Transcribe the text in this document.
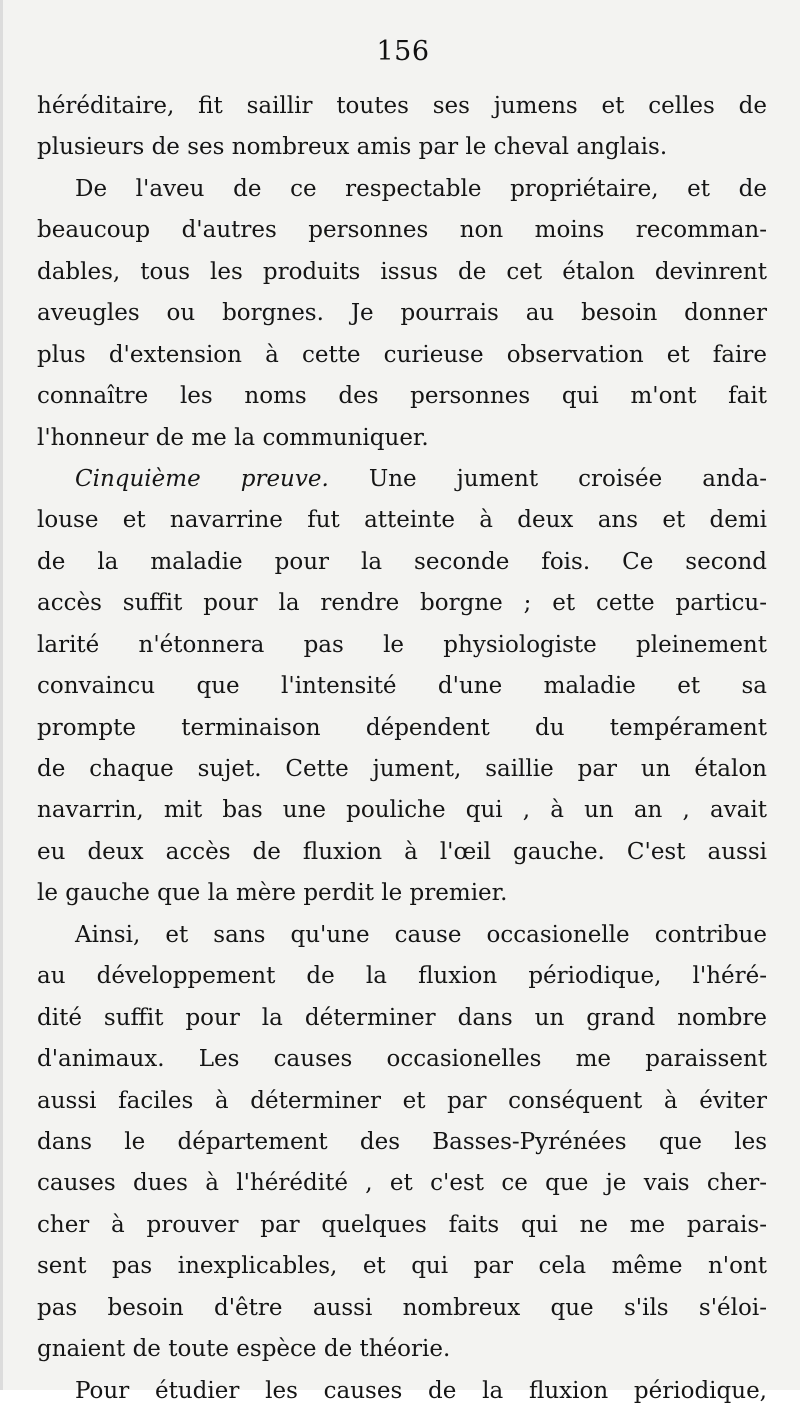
156
héréditaire, fit saillir toutes ses jumens et celles de
plusieurs de ses nombreux amis par le cheval anglais.
De l'aveu de ce respectable propriétaire, et de
beaucoup d'autres personnes non moins recomman-
dables, tous les produits issus de cet étalon devinrent
aveugles ou borgnes. Je pourrais au besoin donner
plus d'extension à cette curieuse observation et faire
connaître les noms des personnes qui m'ont fait
l'honneur de me la communiquer.
Cinquième preuve. Une jument croisée anda-
louse et navarrine fut atteinte à deux ans et demi
de la maladie pour la seconde fois. Ce second
accès suffit pour la rendre borgne ; et cette particu-
larité n'étonnera pas le physiologiste pleinement
convaincu que l'intensité d'une maladie et sa
prompte terminaison dépendent du tempérament
de chaque sujet. Cette jument, saillie par un étalon
navarrin, mit bas une pouliche qui , à un an , avait
eu deux accès de fluxion à l'œil gauche. C'est aussi
le gauche que la mère perdit le premier.
Ainsi, et sans qu'une cause occasionelle contribue
au développement de la fluxion périodique, l'héré-
dité suffit pour la déterminer dans un grand nombre
d'animaux. Les causes occasionelles me paraissent
aussi faciles à déterminer et par conséquent à éviter
dans le département des Basses-Pyrénées que les
causes dues à l'hérédité , et c'est ce que je vais cher-
cher à prouver par quelques faits qui ne me parais-
sent pas inexplicables, et qui par cela même n'ont
pas besoin d'être aussi nombreux que s'ils s'éloi-
gnaient de toute espèce de théorie.
Pour étudier les causes de la fluxion périodique,
